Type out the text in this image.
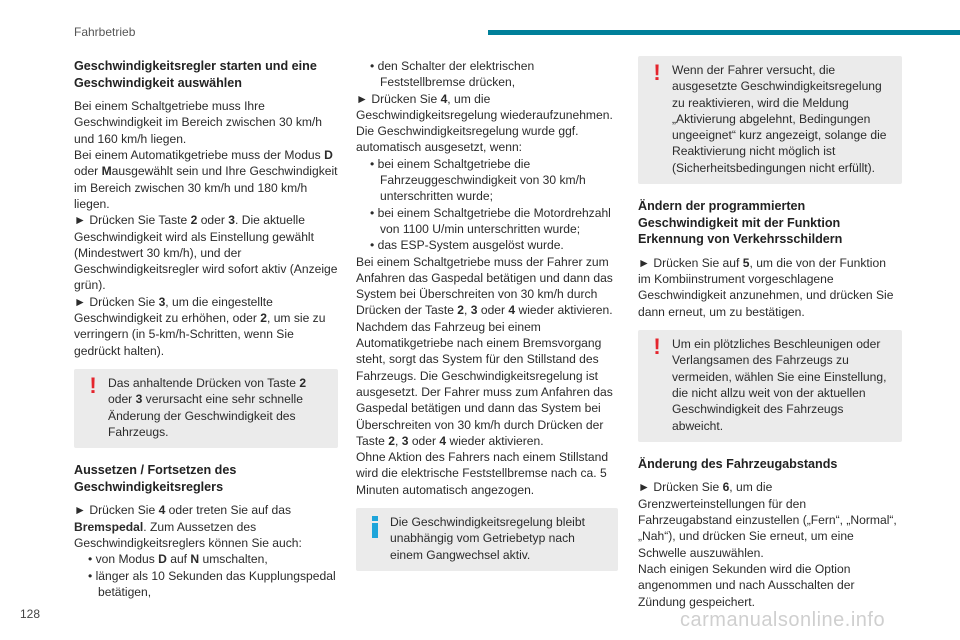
Fahrbetrieb
Geschwindigkeitsregler starten und eine Geschwindigkeit auswählen

Bei einem Schaltgetriebe muss Ihre Geschwindigkeit im Bereich zwischen 30 km/h und 160 km/h liegen.
Bei einem Automatikgetriebe muss der Modus D oder Mausgewählt sein und Ihre Geschwindigkeit im Bereich zwischen 30 km/h und 180 km/h liegen.
► Drücken Sie Taste 2 oder 3. Die aktuelle Geschwindigkeit wird als Einstellung gewählt (Mindestwert 30 km/h), und der Geschwindigkeitsregler wird sofort aktiv (Anzeige grün).
► Drücken Sie 3, um die eingestellte Geschwindigkeit zu erhöhen, oder 2, um sie zu verringern (in 5-km/h-Schritten, wenn Sie gedrückt halten).

! Das anhaltende Drücken von Taste 2 oder 3 verursacht eine sehr schnelle Änderung der Geschwindigkeit des Fahrzeugs.
Aussetzen / Fortsetzen des Geschwindigkeitsreglers

► Drücken Sie 4 oder treten Sie auf das Bremspedal. Zum Aussetzen des Geschwindigkeitsreglers können Sie auch:
• von Modus D auf N umschalten,
• länger als 10 Sekunden das Kupplungspedal betätigen,

• den Schalter der elektrischen Feststellbremse drücken,
► Drücken Sie 4, um die Geschwindigkeitsregelung wiederaufzunehmen.
Die Geschwindigkeitsregelung wurde ggf. automatisch ausgesetzt, wenn:
• bei einem Schaltgetriebe die Fahrzeuggeschwindigkeit von 30 km/h unterschritten wurde;
• bei einem Schaltgetriebe die Motordrehzahl von 1100 U/min unterschritten wurde;
• das ESP-System ausgelöst wurde.
Bei einem Schaltgetriebe muss der Fahrer zum Anfahren das Gaspedal betätigen und dann das System bei Überschreiten von 30 km/h durch Drücken der Taste 2, 3 oder 4 wieder aktivieren.
Nachdem das Fahrzeug bei einem Automatikgetriebe nach einem Bremsvorgang steht, sorgt das System für den Stillstand des Fahrzeugs. Die Geschwindigkeitsregelung ist ausgesetzt. Der Fahrer muss zum Anfahren das Gaspedal betätigen und dann das System bei Überschreiten von 30 km/h durch Drücken der Taste 2, 3 oder 4 wieder aktivieren.
Ohne Aktion des Fahrers nach einem Stillstand wird die elektrische Feststellbremse nach ca. 5 Minuten automatisch angezogen.

Die Geschwindigkeitsregelung bleibt unabhängig vom Getriebetyp nach einem Gangwechsel aktiv.
! Wenn der Fahrer versucht, die ausgesetzte Geschwindigkeitsregelung zu reaktivieren, wird die Meldung „Aktivierung abgelehnt, Bedingungen ungeeignet“ kurz angezeigt, solange die Reaktivierung nicht möglich ist (Sicherheitsbedingungen nicht erfüllt).
Ändern der programmierten Geschwindigkeit mit der Funktion Erkennung von Verkehrsschildern

► Drücken Sie auf 5, um die von der Funktion im Kombiinstrument vorgeschlagene Geschwindigkeit anzunehmen, und drücken Sie dann erneut, um zu bestätigen.

! Um ein plötzliches Beschleunigen oder Verlangsamen des Fahrzeugs zu vermeiden, wählen Sie eine Einstellung, die nicht allzu weit von der aktuellen Geschwindigkeit des Fahrzeugs abweicht.
Änderung des Fahrzeugabstands

► Drücken Sie 6, um die Grenzwerteinstellungen für den Fahrzeugabstand einzustellen („Fern“, „Normal“, „Nah“), und drücken Sie erneut, um eine Schwelle auszuwählen.
Nach einigen Sekunden wird die Option angenommen und nach Ausschalten der Zündung gespeichert.

128	carmanualsonline.info
